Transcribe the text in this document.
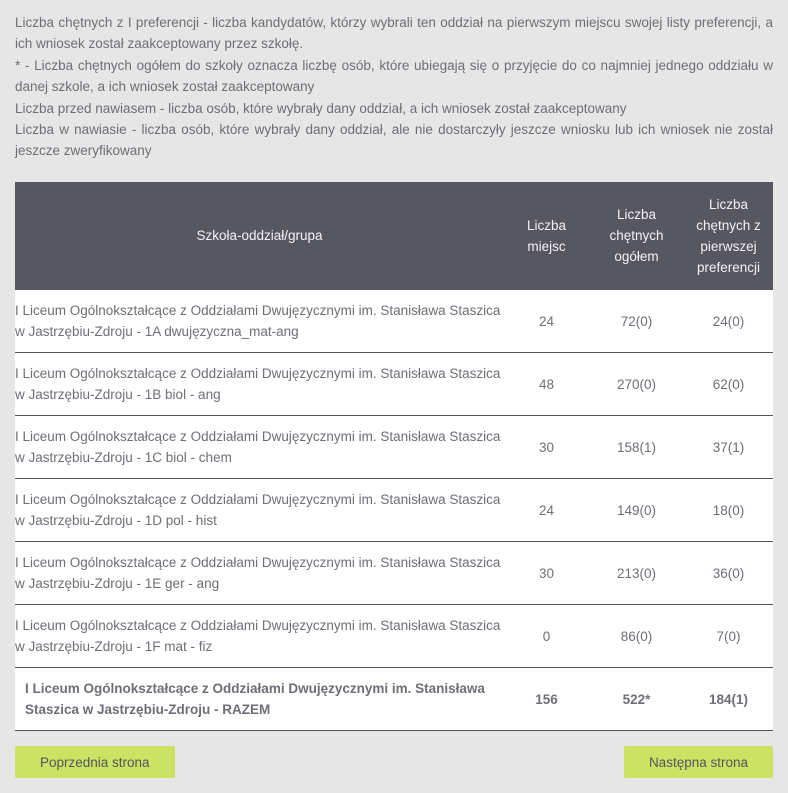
Liczba chętnych z I preferencji - liczba kandydatów, którzy wybrali ten oddział na pierwszym miejscu swojej listy preferencji, a ich wniosek został zaakceptowany przez szkołę.

* - Liczba chętnych ogółem do szkoły oznacza liczbę osób, które ubiegają się o przyjęcie do co najmniej jednego oddziału w danej szkole, a ich wniosek został zaakceptowany

Liczba przed nawiasem - liczba osób, które wybrały dany oddział, a ich wniosek został zaakceptowany

Liczba w nawiasie - liczba osób, które wybrały dany oddział, ale nie dostarczyły jeszcze wniosku lub ich wniosek nie został jeszcze zweryfikowany

Szkoła-oddział/grupa	Liczba miejsc	Liczba chętnych ogółem	Liczba chętnych z pierwszej preferencji

I Liceum Ogólnokształcące z Oddziałami Dwujęzycznymi im. Stanisława Staszica
w Jastrzębiu-Zdroju - 1A dwujęzyczna_mat-ang	24	72(0)	24(0)

I Liceum Ogólnokształcące z Oddziałami Dwujęzycznymi im. Stanisława Staszica
w Jastrzębiu-Zdroju - 1B biol - ang	48	270(0)	62(0)

I Liceum Ogólnokształcące z Oddziałami Dwujęzycznymi im. Stanisława Staszica
w Jastrzębiu-Zdroju - 1C biol - chem	30	158(1)	37(1)

I Liceum Ogólnokształcące z Oddziałami Dwujęzycznymi im. Stanisława Staszica
w Jastrzębiu-Zdroju - 1D pol - hist	24	149(0)	18(0)

I Liceum Ogólnokształcące z Oddziałami Dwujęzycznymi im. Stanisława Staszica
w Jastrzębiu-Zdroju - 1E ger - ang	30	213(0)	36(0)

I Liceum Ogólnokształcące z Oddziałami Dwujęzycznymi im. Stanisława Staszica
w Jastrzębiu-Zdroju - 1F mat - fiz	0	86(0)	7(0)

I Liceum Ogólnokształcące z Oddziałami Dwujęzycznymi im. Stanisława
Staszica w Jastrzębiu-Zdroju - RAZEM	156	522*	184(1)
Poprzednia strona	Następna strona
